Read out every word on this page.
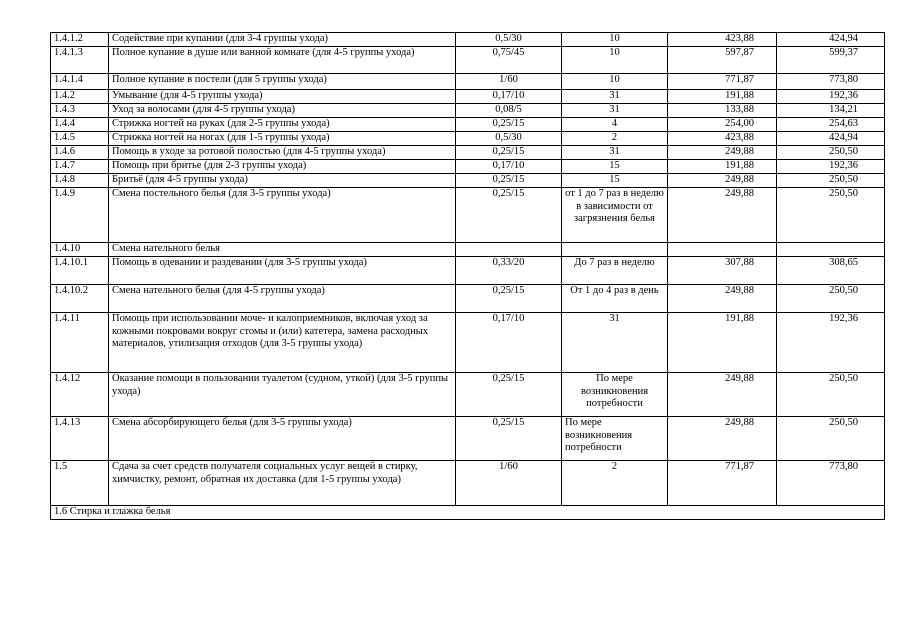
1.4.1.2	Содействие при купании (для 3-4 группы ухода)	0,5/30	10	423,88	424,94
1.4.1.3	Полное купание в душе или ванной комнате (для 4-5 группы ухода)	0,75/45	10	597,87	599,37
1.4.1.4	Полное купание в постели (для 5 группы ухода)	1/60	10	771,87	773,80
1.4.2	Умывание (для 4-5 группы ухода)	0,17/10	31	191,88	192,36
1.4.3	Уход за волосами (для 4-5 группы ухода)	0,08/5	31	133,88	134,21
1.4.4	Стрижка ногтей на руках (для 2-5 группы ухода)	0,25/15	4	254,00	254,63
1.4.5	Стрижка ногтей на ногах (для 1-5 группы ухода)	0,5/30	2	423,88	424,94
1.4.6	Помощь в уходе за ротовой полостью (для 4-5 группы ухода)	0,25/15	31	249,88	250,50
1.4.7	Помощь при бритье (для 2-3 группы ухода)	0,17/10	15	191,88	192,36
1.4.8	Бритьё (для 4-5 группы ухода)	0,25/15	15	249,88	250,50
1.4.9	Смена постельного белья (для 3-5 группы ухода)	0,25/15	от 1 до 7 раз в неделю в зависимости от загрязнения белья	249,88	250,50
1.4.10	Смена нательного белья				
1.4.10.1	Помощь в одевании и раздевании (для 3-5 группы ухода)	0,33/20	До 7 раз в неделю	307,88	308,65
1.4.10.2	Смена нательного белья (для 4-5 группы ухода)	0,25/15	От 1 до 4 раз в день	249,88	250,50
1.4.11	Помощь при использовании моче- и калоприемников, включая уход за кожными покровами вокруг стомы и (или) катетера, замена расходных материалов, утилизация отходов (для 3-5 группы ухода)	0,17/10	31	191,88	192,36
1.4.12	Оказание помощи в пользовании туалетом (судном, уткой) (для 3-5 группы ухода)	0,25/15	По мере возникновения потребности	249,88	250,50
1.4.13	Смена абсорбирующего белья (для 3-5 группы ухода)	0,25/15	По мере возникновения потребности	249,88	250,50
1.5	Сдача за счет средств получателя социальных услуг вещей в стирку, химчистку, ремонт, обратная их доставка (для 1-5 группы ухода)	1/60	2	771,87	773,80
1.6 Стирка и глажка белья					
